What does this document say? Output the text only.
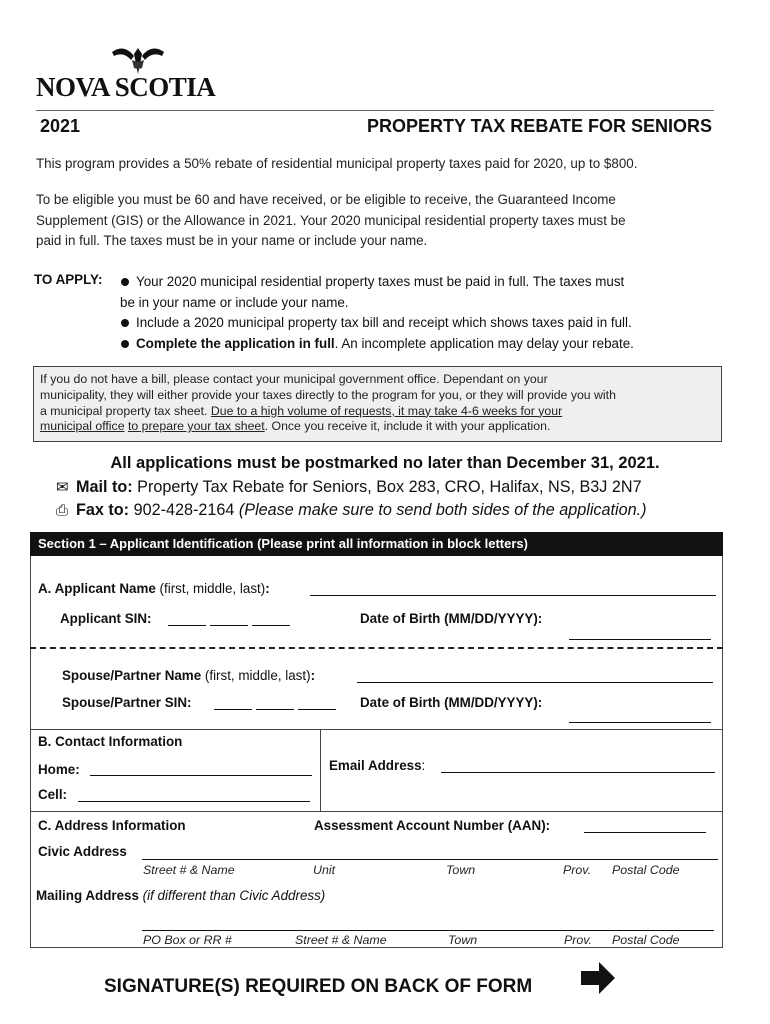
NOVA SCOTIA
2021	PROPERTY TAX REBATE FOR SENIORS
This program provides a 50% rebate of residential municipal property taxes paid for 2020, up to $800.
To be eligible you must be 60 and have received, or be eligible to receive, the Guaranteed Income
Supplement (GIS) or the Allowance in 2021. Your 2020 municipal residential property taxes must be
paid in full. The taxes must be in your name or include your name.
TO APPLY:	Your 2020 municipal residential property taxes must be paid in full. The taxes must
be in your name or include your name.
Include a 2020 municipal property tax bill and receipt which shows taxes paid in full.
Complete the application in full. An incomplete application may delay your rebate.
If you do not have a bill, please contact your municipal government office. Dependant on your
municipality, they will either provide your taxes directly to the program for you, or they will provide you with
a municipal property tax sheet. Due to a high volume of requests, it may take 4-6 weeks for your
municipal office to prepare your tax sheet. Once you receive it, include it with your application.
All applications must be postmarked no later than December 31, 2021.
✉ Mail to: Property Tax Rebate for Seniors, Box 283, CRO, Halifax, NS, B3J 2N7
⎙ Fax to: 902-428-2164 (Please make sure to send both sides of the application.)
Section 1 – Applicant Identification (Please print all information in block letters)
A. Applicant Name (first, middle, last):
Applicant SIN:	Date of Birth (MM/DD/YYYY):
Spouse/Partner Name (first, middle, last):
Spouse/Partner SIN:	Date of Birth (MM/DD/YYYY):
B. Contact Information
Home:
Cell:
Email Address:
C. Address Information	Assessment Account Number (AAN):
Civic Address
Street # & Name	Unit	Town	Prov. Postal Code
Mailing Address (if different than Civic Address)
PO Box or RR #	Street # & Name	Town	Prov. Postal Code
SIGNATURE(S) REQUIRED ON BACK OF FORM
